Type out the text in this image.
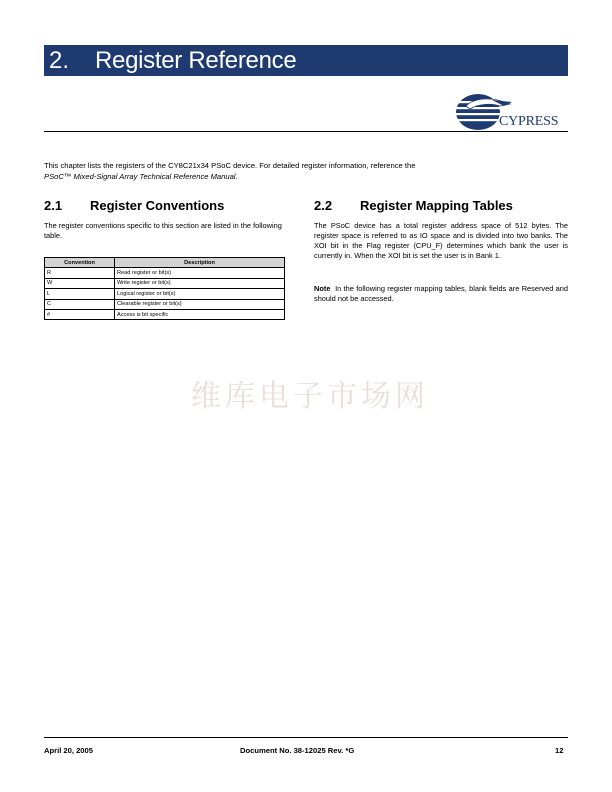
2.	Register Reference
CYPRESS
This chapter lists the registers of the CY8C21x34 PSoC device. For detailed register information, reference the
PSoC™ Mixed-Signal Array Technical Reference Manual.
2.1	Register Conventions
The register conventions specific to this section are listed in the following table.
Convention	Description
R	Read register or bit(s)
W	Write register or bit(s)
L	Logical register or bit(s)
C	Clearable register or bit(s)
#	Access is bit specific
2.2	Register Mapping Tables
The PSoC device has a total register address space of 512 bytes. The register space is referred to as IO space and is divided into two banks. The XOI bit in the Flag register (CPU_F) determines which bank the user is currently in. When the XOI bit is set the user is in Bank 1.
Note In the following register mapping tables, blank fields are Reserved and should not be accessed.
维库电子市场网
April 20, 2005	Document No. 38-12025 Rev. *G	12
